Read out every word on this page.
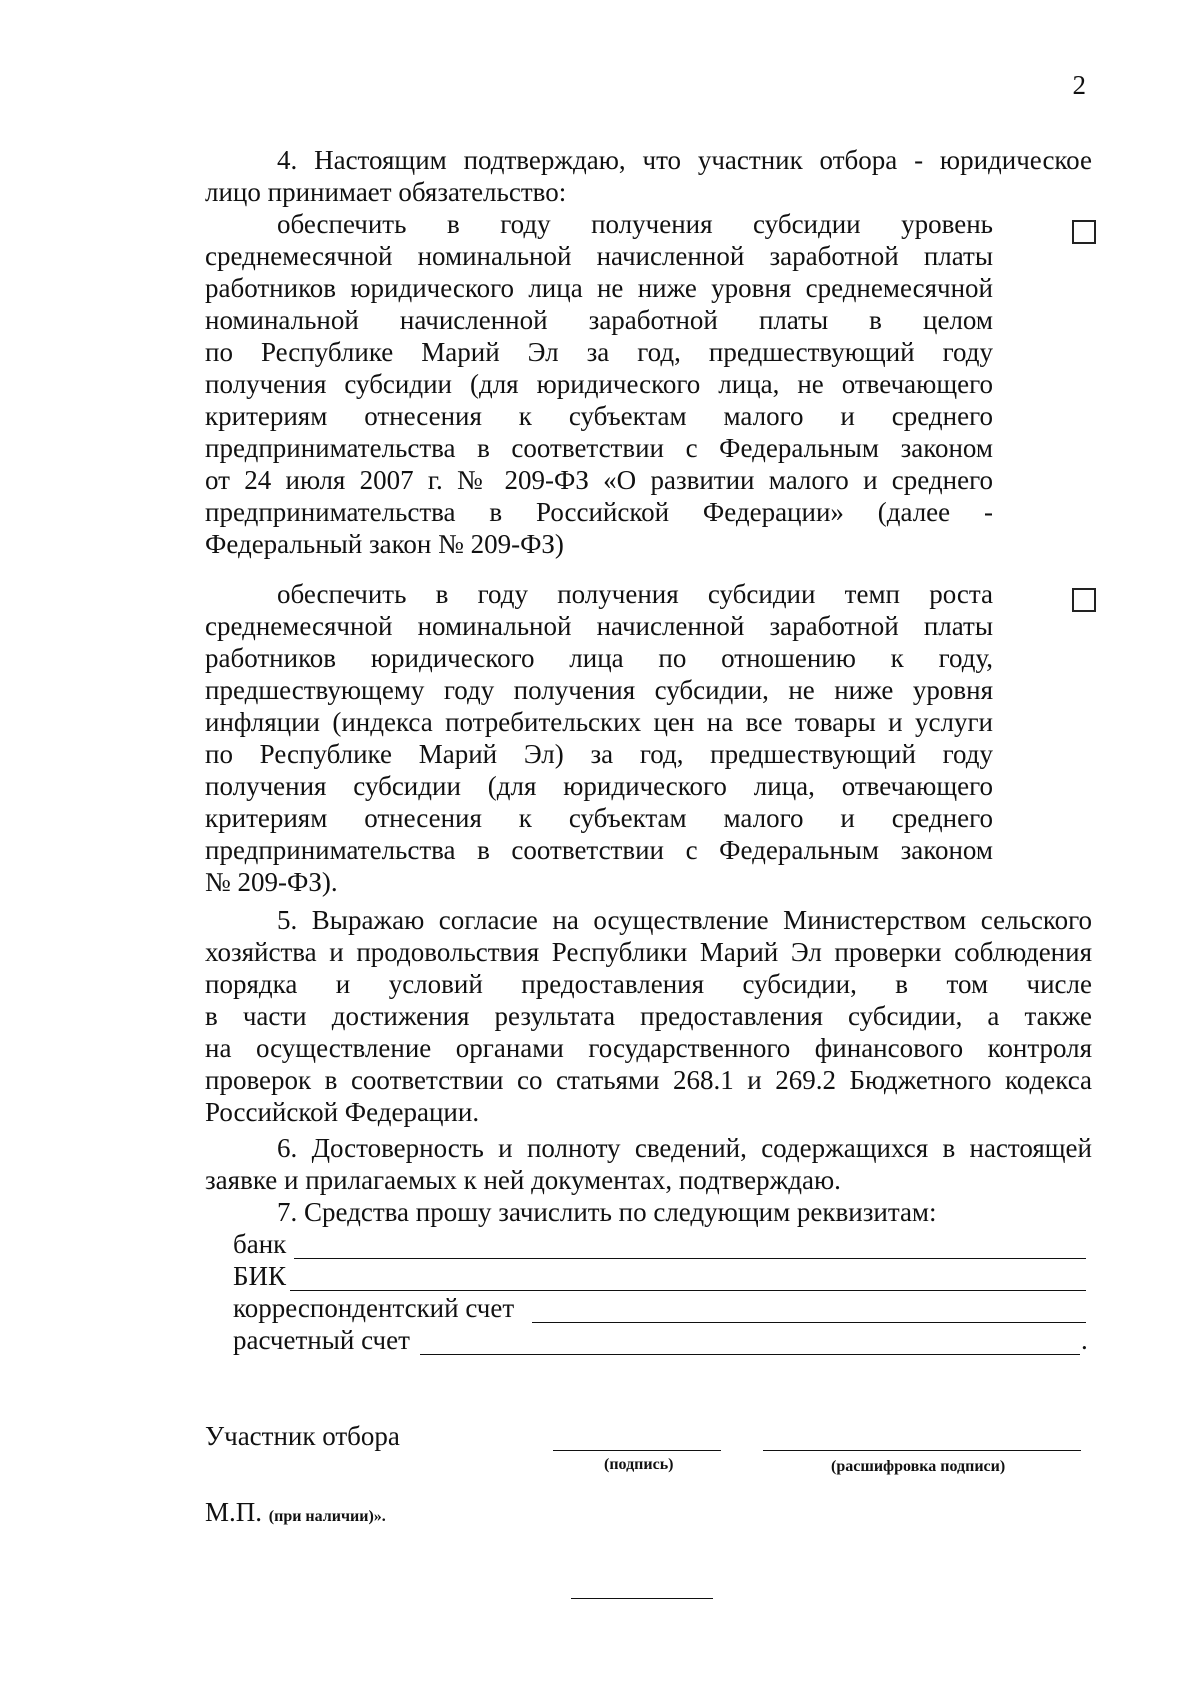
2
4. Настоящим подтверждаю, что участник отбора - юридическое
лицо принимает обязательство:
обеспечить в году получения субсидии уровень
среднемесячной номинальной начисленной заработной платы
работников юридического лица не ниже уровня среднемесячной
номинальной начисленной заработной платы в целом
по Республике Марий Эл за год, предшествующий году
получения субсидии (для юридического лица, не отвечающего
критериям отнесения к субъектам малого и среднего
предпринимательства в соответствии с Федеральным законом
от 24 июля 2007 г. № 209-ФЗ «О развитии малого и среднего
предпринимательства в Российской Федерации» (далее -
Федеральный закон № 209-ФЗ)
обеспечить в году получения субсидии темп роста
среднемесячной номинальной начисленной заработной платы
работников юридического лица по отношению к году,
предшествующему году получения субсидии, не ниже уровня
инфляции (индекса потребительских цен на все товары и услуги
по Республике Марий Эл) за год, предшествующий году
получения субсидии (для юридического лица, отвечающего
критериям отнесения к субъектам малого и среднего
предпринимательства в соответствии с Федеральным законом
№ 209-ФЗ).
5. Выражаю согласие на осуществление Министерством сельского
хозяйства и продовольствия Республики Марий Эл проверки соблюдения
порядка и условий предоставления субсидии, в том числе
в части достижения результата предоставления субсидии, а также
на осуществление органами государственного финансового контроля
проверок в соответствии со статьями 268.1 и 269.2 Бюджетного кодекса
Российской Федерации.
6. Достоверность и полноту сведений, содержащихся в настоящей
заявке и прилагаемых к ней документах, подтверждаю.
7. Средства прошу зачислить по следующим реквизитам:
банк
БИК
корреспондентский счет
расчетный счет	.
Участник отбора
(подпись)	(расшифровка подписи)
М.П. (при наличии)».
